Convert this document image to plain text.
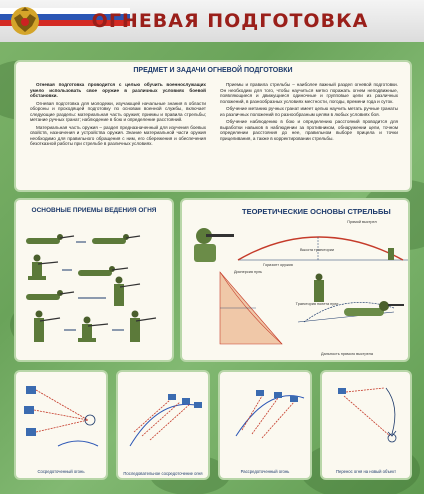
ОГНЕВАЯ ПОДГОТОВКА
ПРЕДМЕТ И ЗАДАЧИ ОГНЕВОЙ ПОДГОТОВКИ

Огневая подготовка проводится с целью обучить военнослужащих умело использовать свое оружие в различных условиях боевой обстановки.

Огневая подготовка для молодежи, изучающей начальные знания в области обороны и проходящей подготовку по основам военной службы, включает следующие разделы: материальная часть оружия; приемы и правила стрельбы; метание ручных гранат; наблюдение в бою и определение расстояний.

Материальная часть оружия – раздел предназначенный для изучения боевых свойств, назначения и устройства оружия. Знание материальной части оружия необходимо для правильного обращения с ним, его сбережения и обеспечения безотказной работы при стрельбе в различных условиях.

Приемы и правила стрельбы – наиболее важный раздел огневой подготовки. Он необходим для того, чтобы научиться метко поражать огнем неподвижные, появляющиеся и движущиеся одиночные и групповые цели из различных положений, в разнообразных условиях местности, погоды, времени года и суток.

Обучение метанию ручных гранат имеет целью научить метать ручные гранаты из различных положений по разнообразным целям в любых условиях боя.

Обучение наблюдению в бою и определению расстояний проводится для выработки навыков в наблюдении за противником, обнаружении цели, точном определении расстояния до нее, правильном выборе прицела и точки прицеливания, а также в корректировании стрельбы.

ОСНОВНЫЕ ПРИЕМЫ ВЕДЕНИЯ ОГНЯ	ТЕОРЕТИЧЕСКИЕ ОСНОВЫ СТРЕЛЬБЫ
Прямой выстрел
Высота траектории
Горизонт оружия
Дисперсия пуль
Траектория полета пули
Дальность прямого выстрела
Сосредоточенный огонь	Последовательное сосредоточение огня	Рассредоточенный огонь	Перенос огня на новый объект
